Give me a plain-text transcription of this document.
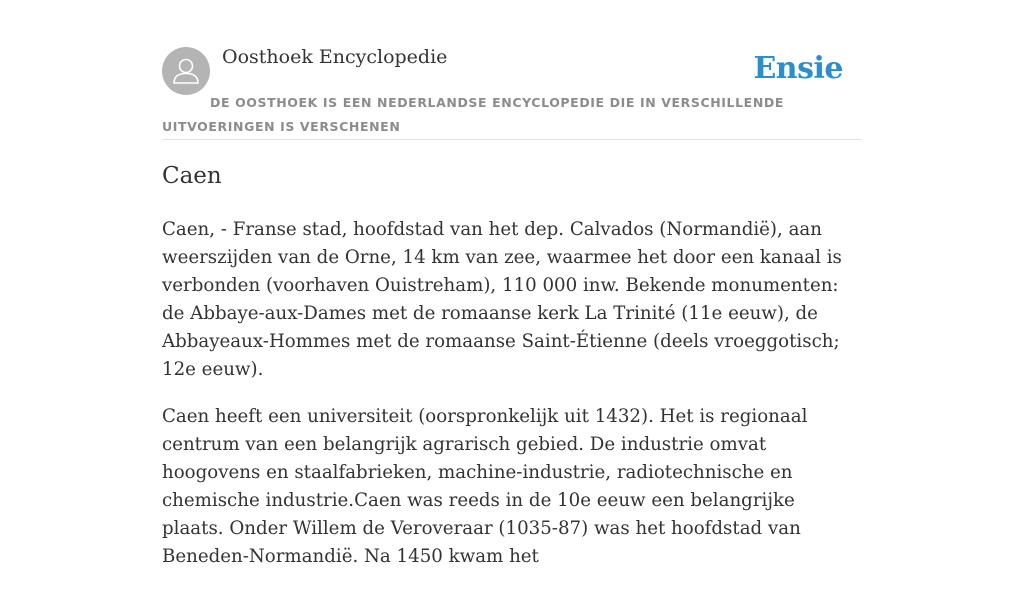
Oosthoek Encyclopedie	Ensie
DE OOSTHOEK IS EEN NEDERLANDSE ENCYCLOPEDIE DIE IN VERSCHILLENDE UITVOERINGEN IS VERSCHENEN
Caen

Caen, - Franse stad, hoofdstad van het dep. Calvados (Normandië), aan weerszijden van de Orne, 14 km van zee, waarmee het door een kanaal is verbonden (voorhaven Ouistreham), 110 000 inw. Bekende monumenten: de Abbaye-aux-Dames met de romaanse kerk La Trinité (11e eeuw), de Abbayeaux-Hommes met de romaanse Saint-Étienne (deels vroeggotisch; 12e eeuw).

Caen heeft een universiteit (oorspronkelijk uit 1432). Het is regionaal centrum van een belangrijk agrarisch gebied. De industrie omvat hoogovens en staalfabrieken, machine-industrie, radiotechnische en chemische industrie.Caen was reeds in de 10e eeuw een belangrijke plaats. Onder Willem de Veroveraar (1035-87) was het hoofdstad van Beneden-Normandië. Na 1450 kwam het
